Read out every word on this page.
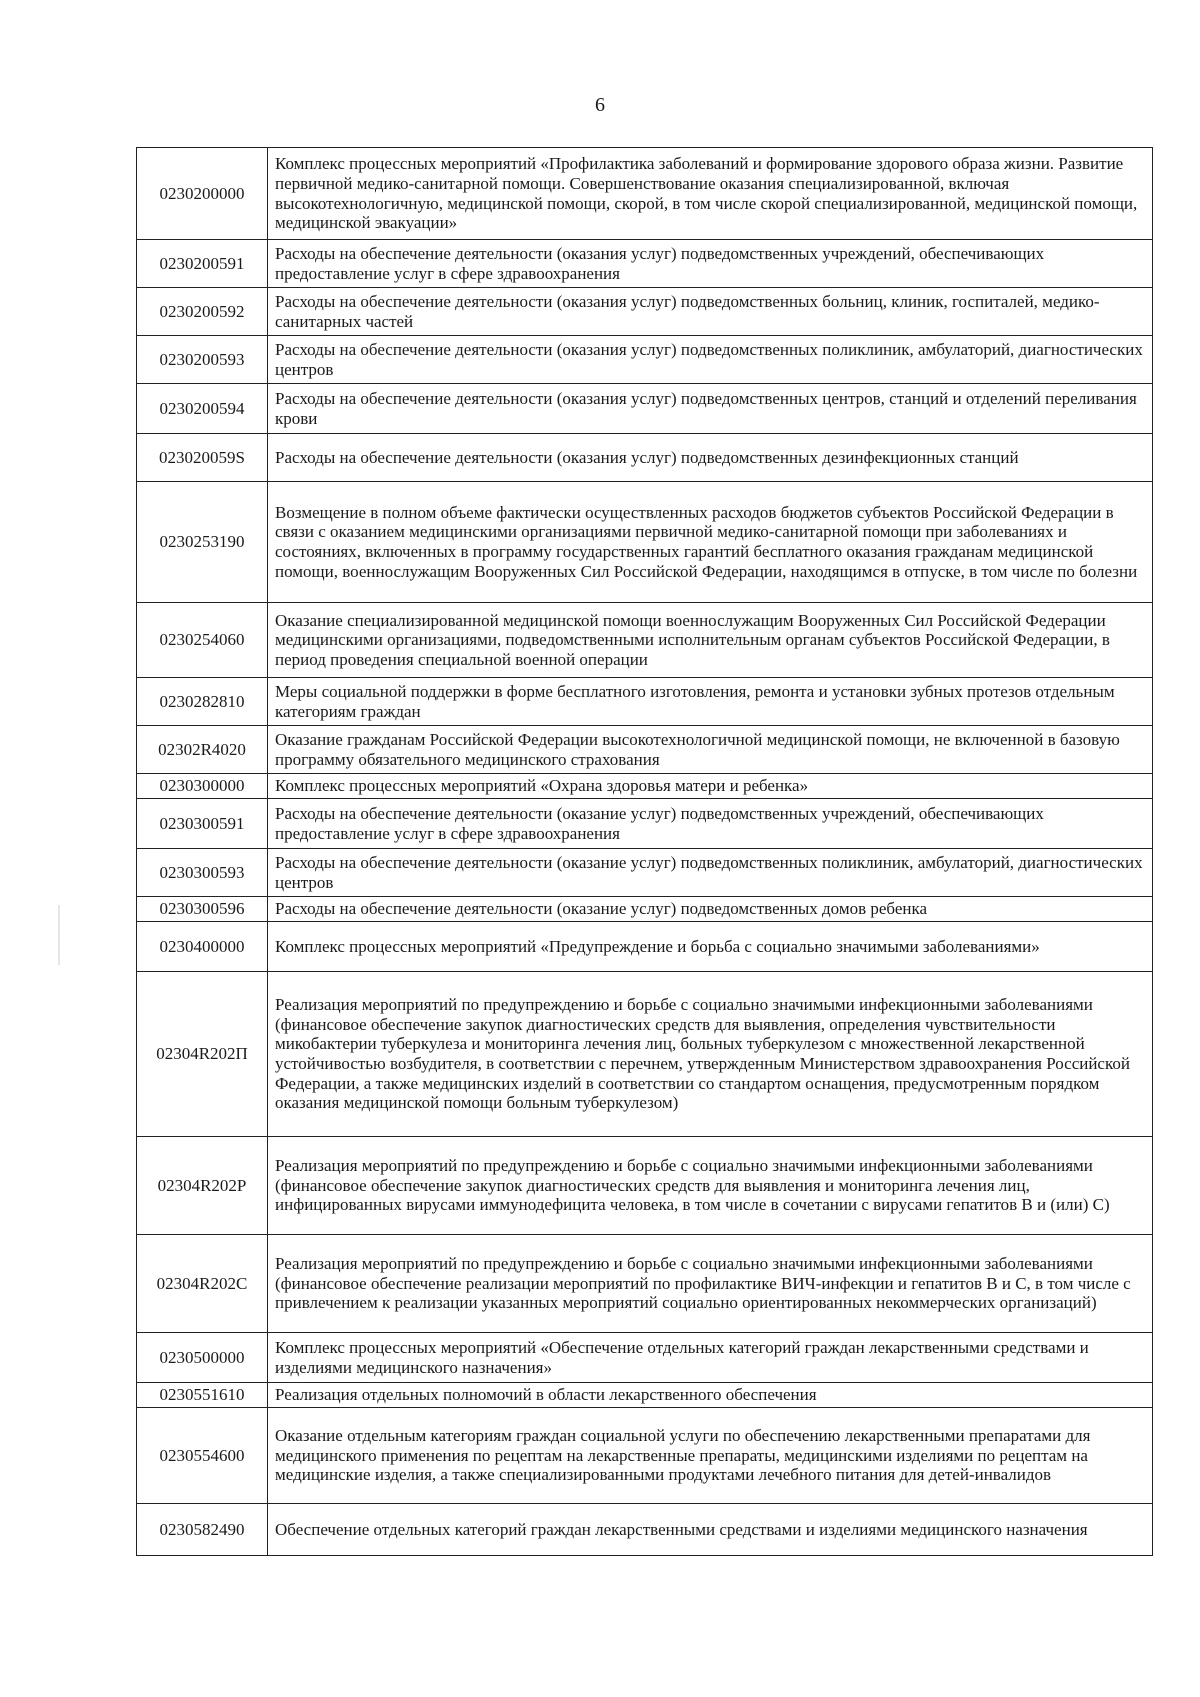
6
0230200000	Комплекс процессных мероприятий «Профилактика заболеваний и формирование здорового образа жизни. Развитие первичной медико-санитарной помощи. Совершенствование оказания специализированной, включая высокотехнологичную, медицинской помощи, скорой, в том числе скорой специализированной, медицинской помощи, медицинской эвакуации»
0230200591	Расходы на обеспечение деятельности (оказания услуг) подведомственных учреждений, обеспечивающих предоставление услуг в сфере здравоохранения
0230200592	Расходы на обеспечение деятельности (оказания услуг) подведомственных больниц, клиник, госпиталей, медико-санитарных частей
0230200593	Расходы на обеспечение деятельности (оказания услуг) подведомственных поликлиник, амбулаторий, диагностических центров
0230200594	Расходы на обеспечение деятельности (оказания услуг) подведомственных центров, станций и отделений переливания крови
023020059S	Расходы на обеспечение деятельности (оказания услуг) подведомственных дезинфекционных станций
0230253190	Возмещение в полном объеме фактически осуществленных расходов бюджетов субъектов Российской Федерации в связи с оказанием медицинскими организациями первичной медико-санитарной помощи при заболеваниях и состояниях, включенных в программу государственных гарантий бесплатного оказания гражданам медицинской помощи, военнослужащим Вооруженных Сил Российской Федерации, находящимся в отпуске, в том числе по болезни
0230254060	Оказание специализированной медицинской помощи военнослужащим Вооруженных Сил Российской Федерации медицинскими организациями, подведомственными исполнительным органам субъектов Российской Федерации, в период проведения специальной военной операции
0230282810	Меры социальной поддержки в форме бесплатного изготовления, ремонта и установки зубных протезов отдельным категориям граждан
02302R4020	Оказание гражданам Российской Федерации высокотехнологичной медицинской помощи, не включенной в базовую программу обязательного медицинского страхования
0230300000	Комплекс процессных мероприятий «Охрана здоровья матери и ребенка»
0230300591	Расходы на обеспечение деятельности (оказание услуг) подведомственных учреждений, обеспечивающих предоставление услуг в сфере здравоохранения
0230300593	Расходы на обеспечение деятельности (оказание услуг) подведомственных поликлиник, амбулаторий, диагностических центров
0230300596	Расходы на обеспечение деятельности (оказание услуг) подведомственных домов ребенка
0230400000	Комплекс процессных мероприятий «Предупреждение и борьба с социально значимыми заболеваниями»
02304R202П	Реализация мероприятий по предупреждению и борьбе с социально значимыми инфекционными заболеваниями (финансовое обеспечение закупок диагностических средств для выявления, определения чувствительности микобактерии туберкулеза и мониторинга лечения лиц, больных туберкулезом с множественной лекарственной устойчивостью возбудителя, в соответствии с перечнем, утвержденным Министерством здравоохранения Российской Федерации, а также медицинских изделий в соответствии со стандартом оснащения, предусмотренным порядком оказания медицинской помощи больным туберкулезом)
02304R202Р	Реализация мероприятий по предупреждению и борьбе с социально значимыми инфекционными заболеваниями (финансовое обеспечение закупок диагностических средств для выявления и мониторинга лечения лиц, инфицированных вирусами иммунодефицита человека, в том числе в сочетании с вирусами гепатитов В и (или) С)
02304R202С	Реализация мероприятий по предупреждению и борьбе с социально значимыми инфекционными заболеваниями (финансовое обеспечение реализации мероприятий по профилактике ВИЧ-инфекции и гепатитов В и С, в том числе с привлечением к реализации указанных мероприятий социально ориентированных некоммерческих организаций)
0230500000	Комплекс процессных мероприятий «Обеспечение отдельных категорий граждан лекарственными средствами и изделиями медицинского назначения»
0230551610	Реализация отдельных полномочий в области лекарственного обеспечения
0230554600	Оказание отдельным категориям граждан социальной услуги по обеспечению лекарственными препаратами для медицинского применения по рецептам на лекарственные препараты, медицинскими изделиями по рецептам на медицинские изделия, а также специализированными продуктами лечебного питания для детей-инвалидов
0230582490	Обеспечение отдельных категорий граждан лекарственными средствами и изделиями медицинского назначения
